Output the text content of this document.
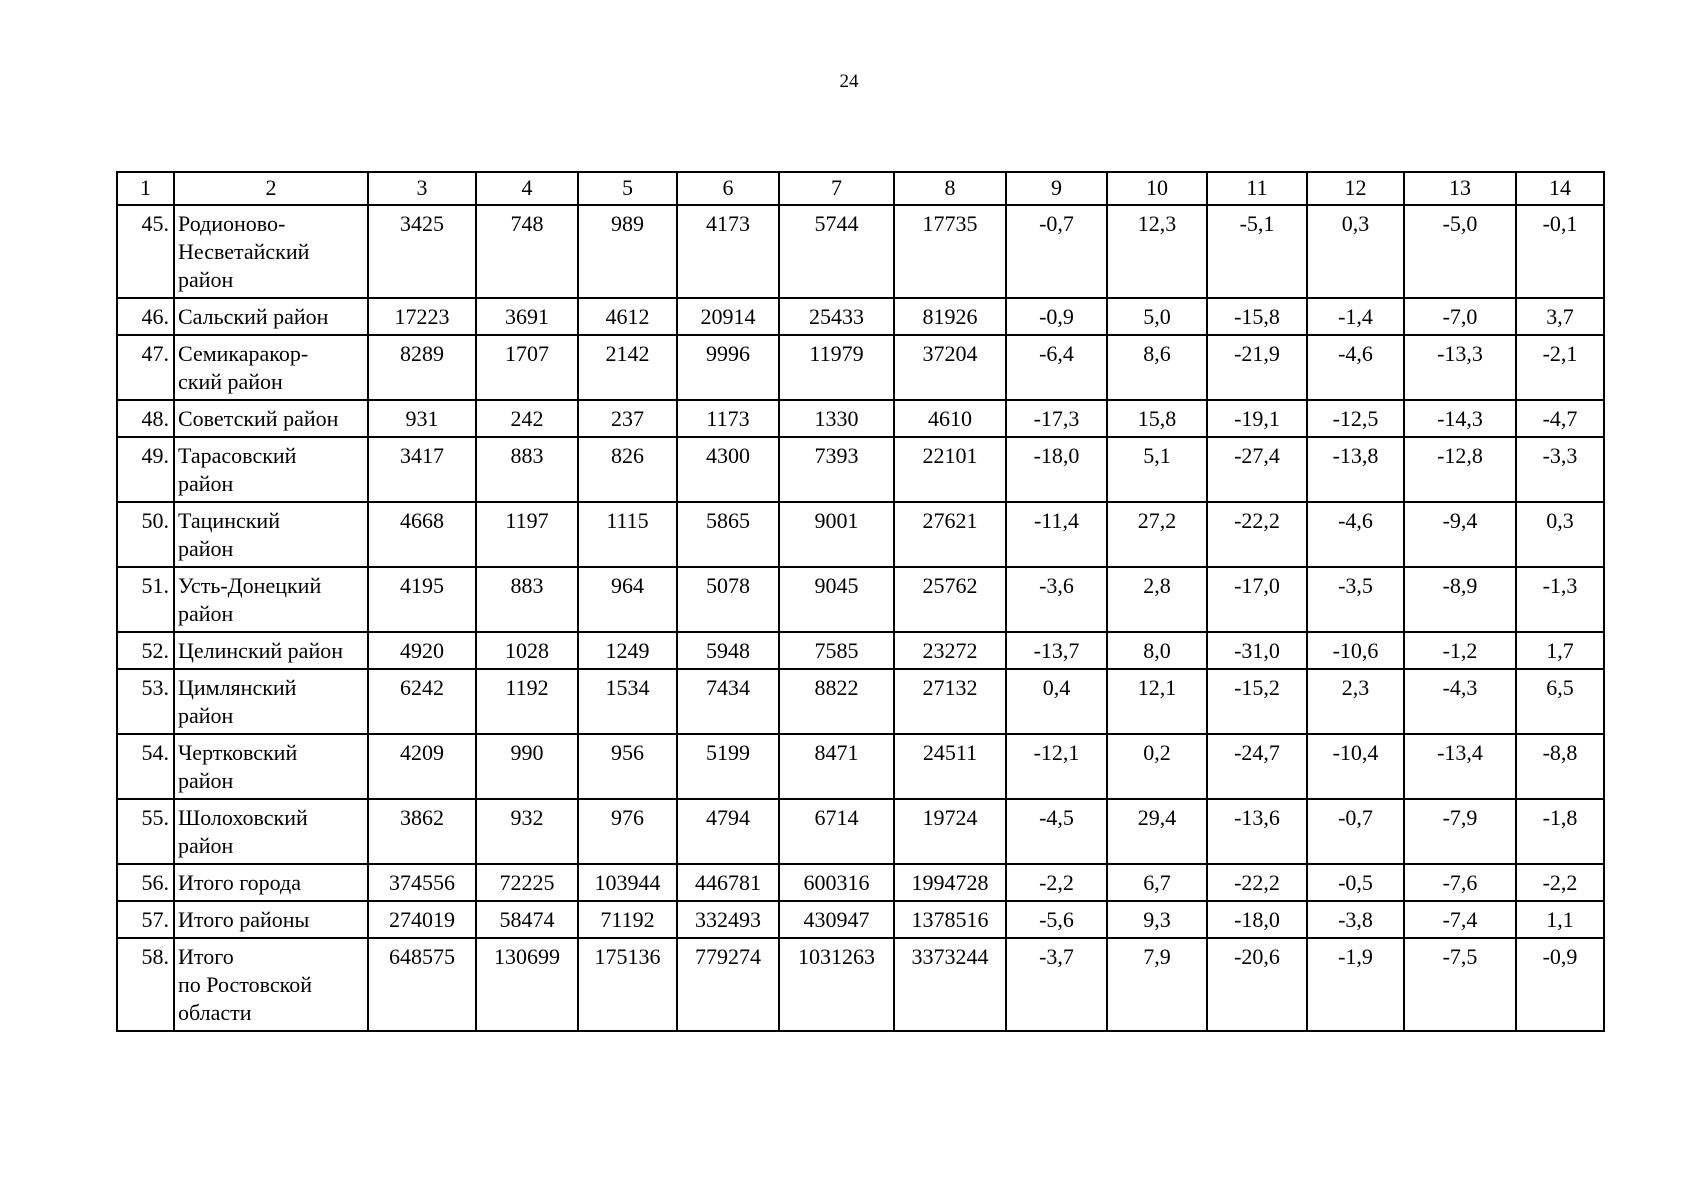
24
1	2	3	4	5	6	7	8	9	10	11	12	13	14
45.	Родионово-
Несветайский
район	3425	748	989	4173	5744	17735	-0,7	12,3	-5,1	0,3	-5,0	-0,1
46.	Сальский район	17223	3691	4612	20914	25433	81926	-0,9	5,0	-15,8	-1,4	-7,0	3,7
47.	Семикаракор-
ский район	8289	1707	2142	9996	11979	37204	-6,4	8,6	-21,9	-4,6	-13,3	-2,1
48.	Советский район	931	242	237	1173	1330	4610	-17,3	15,8	-19,1	-12,5	-14,3	-4,7
49.	Тарасовский
район	3417	883	826	4300	7393	22101	-18,0	5,1	-27,4	-13,8	-12,8	-3,3
50.	Тацинский
район	4668	1197	1115	5865	9001	27621	-11,4	27,2	-22,2	-4,6	-9,4	0,3
51.	Усть-Донецкий
район	4195	883	964	5078	9045	25762	-3,6	2,8	-17,0	-3,5	-8,9	-1,3
52.	Целинский район	4920	1028	1249	5948	7585	23272	-13,7	8,0	-31,0	-10,6	-1,2	1,7
53.	Цимлянский
район	6242	1192	1534	7434	8822	27132	0,4	12,1	-15,2	2,3	-4,3	6,5
54.	Чертковский
район	4209	990	956	5199	8471	24511	-12,1	0,2	-24,7	-10,4	-13,4	-8,8
55.	Шолоховский
район	3862	932	976	4794	6714	19724	-4,5	29,4	-13,6	-0,7	-7,9	-1,8
56.	Итого города	374556	72225	103944	446781	600316	1994728	-2,2	6,7	-22,2	-0,5	-7,6	-2,2
57.	Итого районы	274019	58474	71192	332493	430947	1378516	-5,6	9,3	-18,0	-3,8	-7,4	1,1
58.	Итого
по Ростовской
области	648575	130699	175136	779274	1031263	3373244	-3,7	7,9	-20,6	-1,9	-7,5	-0,9
